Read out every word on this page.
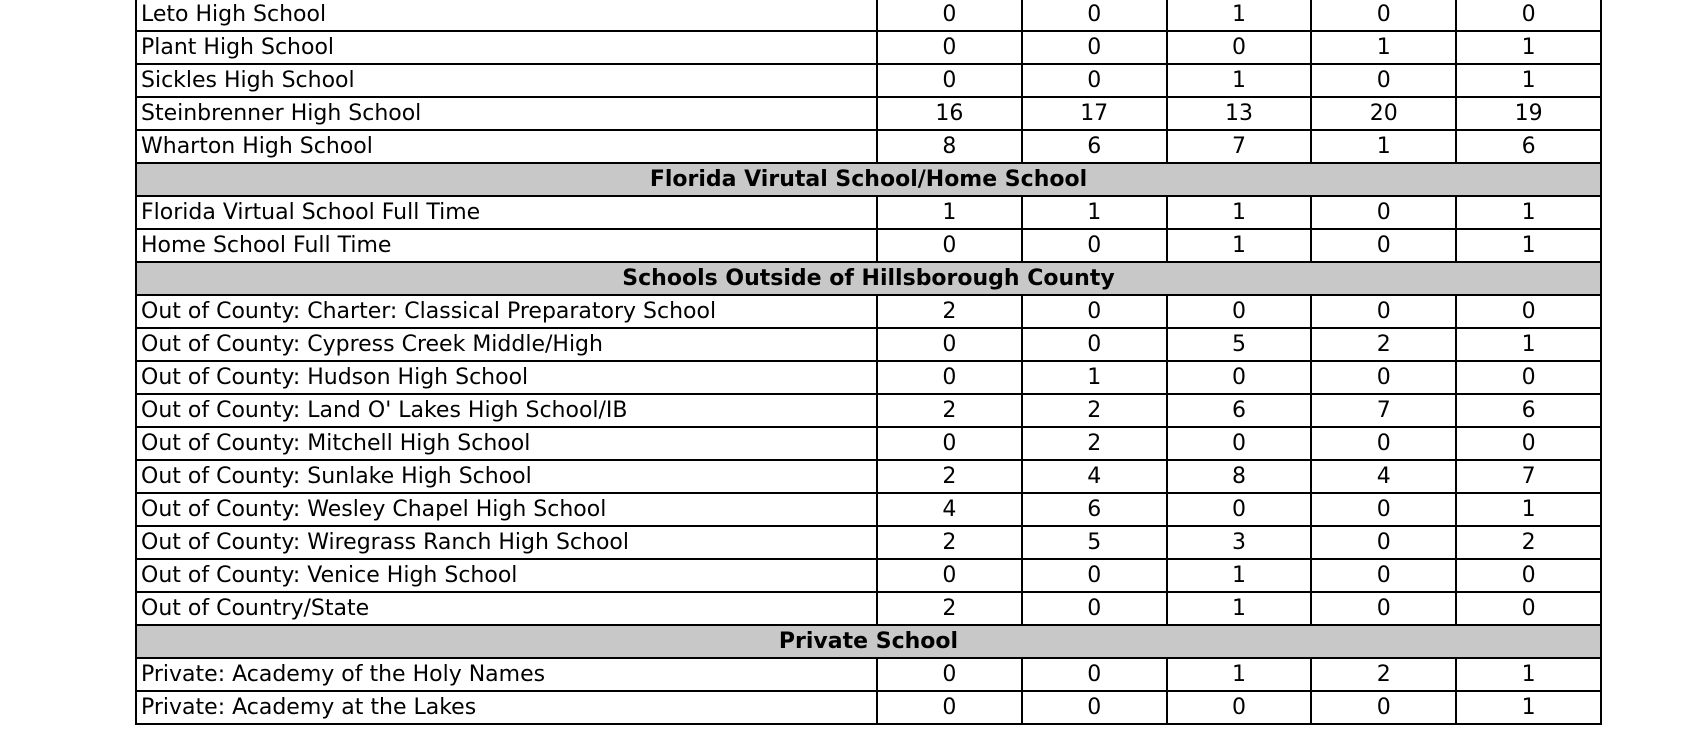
Leto High School	0	0	1	0	0
Plant High School	0	0	0	1	1
Sickles High School	0	0	1	0	1
Steinbrenner High School	16	17	13	20	19
Wharton High School	8	6	7	1	6
Florida Virutal School/Home School					
Florida Virtual School Full Time	1	1	1	0	1
Home School Full Time	0	0	1	0	1
Schools Outside of Hillsborough County					
Out of County: Charter: Classical Preparatory School	2	0	0	0	0
Out of County: Cypress Creek Middle/High	0	0	5	2	1
Out of County: Hudson High School	0	1	0	0	0
Out of County: Land O' Lakes High School/IB	2	2	6	7	6
Out of County: Mitchell High School	0	2	0	0	0
Out of County: Sunlake High School	2	4	8	4	7
Out of County: Wesley Chapel High School	4	6	0	0	1
Out of County: Wiregrass Ranch High School	2	5	3	0	2
Out of County: Venice High School	0	0	1	0	0
Out of Country/State	2	0	1	0	0
Private School					
Private: Academy of the Holy Names	0	0	1	2	1
Private: Academy at the Lakes	0	0	0	0	1
